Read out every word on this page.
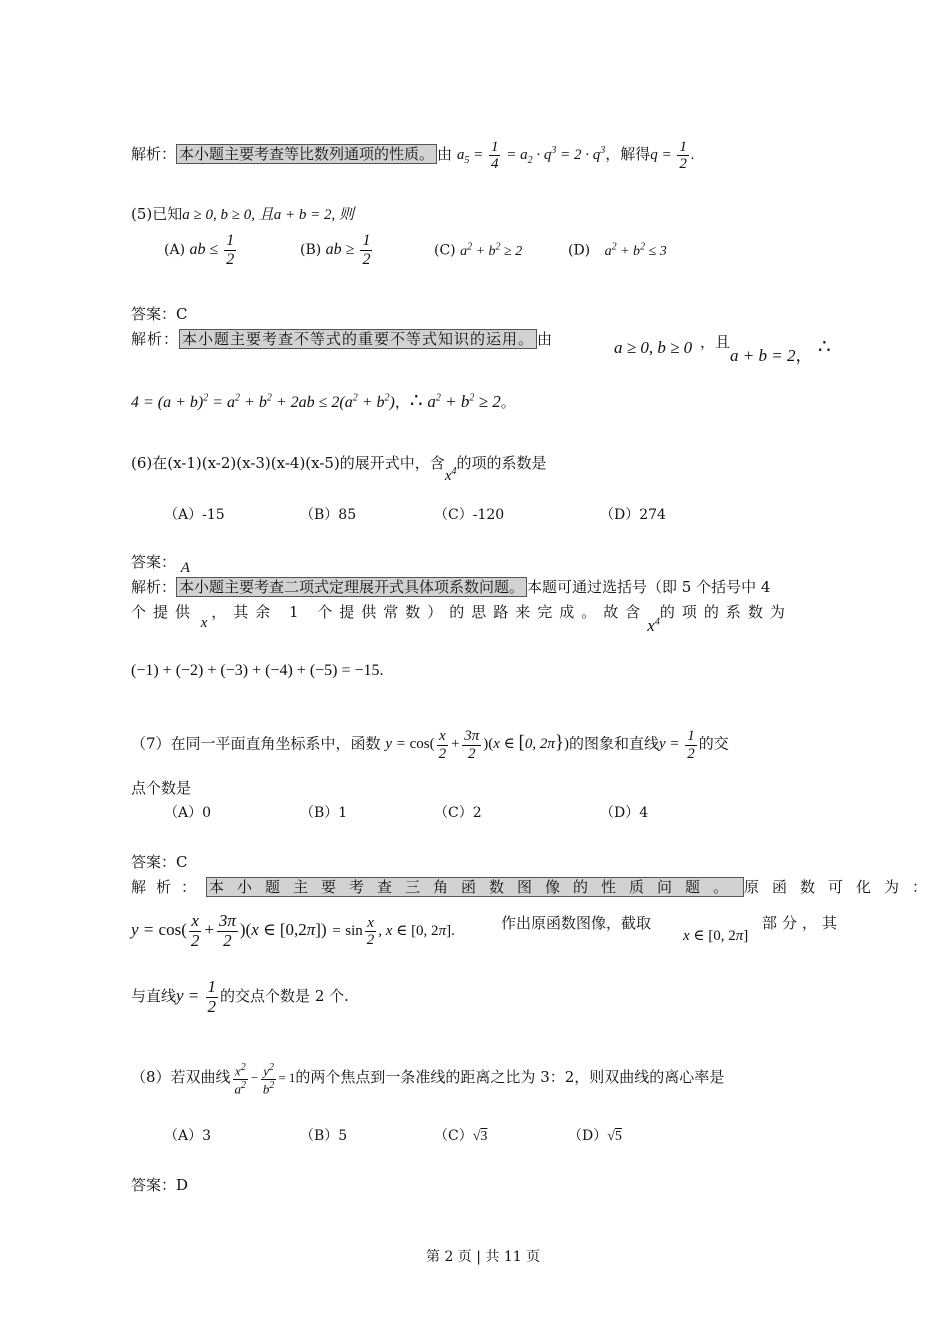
解析： 本小题主要考查等比数列通项的性质。 由 $a_5 = \frac{1}{4} = a_2 \cdot q^3 = 2 \cdot q^3$，解得$q = \frac{1}{2}$ .
(5)已知a ≥ 0, b ≥ 0, 且a + b = 2, 则
(A) ab ≤ $\frac{1}{2}$	(B) ab ≥ $\frac{1}{2}$	(C) $a^2 + b^2 \ge 2$	(D) $a^2 + b^2 \le 3$
答案：C
解析： 本小题主要考查不等式的重要不等式知识的运用。 由	a ≥ 0, b ≥ 0 ，且
a + b = 2， ∴
$4 = (a + b)^2 = a^2 + b^2 + 2ab \le 2(a^2 + b^2)$，∴ $a^2 + b^2 \ge 2$。
(6)在(x-1)(x-2)(x-3)(x-4)(x-5)的展开式中，含$x^4$的项的系数是
（A）-15	（B）85	（C）-120	（D）274
答案： A
解析： 本小题主要考查二项式定理展开式具体项系数问题。 本题可通过选括号（即 5 个括号中 4
个提供 x ，其余 1 个提供常数）的思路来完成。故含$x^4$的项的系数为
(−1) + (−2) + (−3) + (−4) + (−5) = −15.
（7）在同一平面直角坐标系中，函数 $y = \cos( \frac{x}{2} + \frac{3\pi}{2} )(x$ ∈ [0, 2π})的图象和直线$y = \frac{1}{2}$ 的交
点个数是
（A）0	（B）1	（C）2	（D）4
答案：C
解析： 本小题主要考查三角函数图像的性质问题。 原函数可化为：
$y = \cos( \frac{x}{2} + \frac{3\pi}{2} )(x$ ∈ $[0,2\pi]) = \sin \frac{x}{2}$ , x ∈ [0, 2π].	作出原函数图像，截取
x ∈ [0, 2π]
部分，其
与直线$y = \frac{1}{2}$ 的交点个数是 2 个.
（8）若双曲线 $\frac{x^2}{a^2} - \frac{y^2}{b^2} = 1$的两个焦点到一条准线的距离之比为 3：2，则双曲线的离心率是
（A）3	（B）5	（C）√3	（D）√5
答案：D
第 2 页 | 共 11 页
